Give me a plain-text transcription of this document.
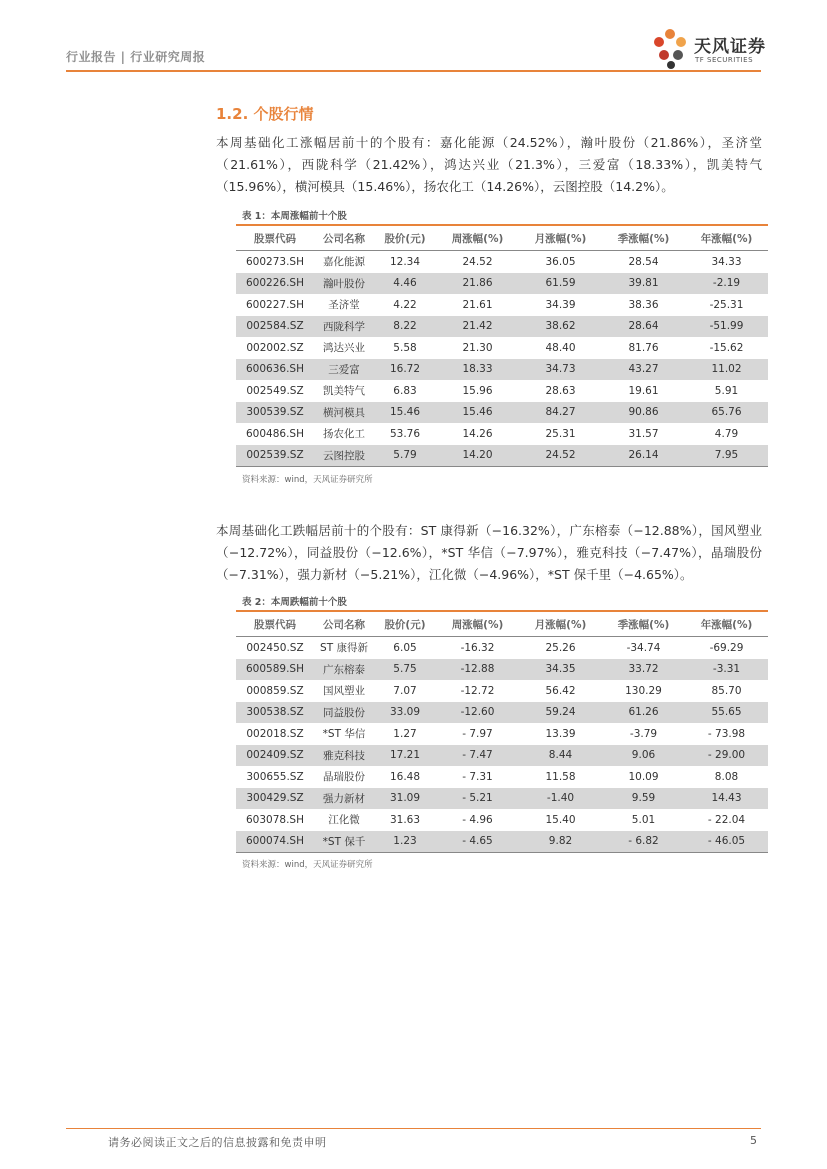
行业报告 | 行业研究周报	天风证券
TF SECURITIES
1.2. 个股行情
本周基础化工涨幅居前十的个股有：嘉化能源（24.52%），瀚叶股份（21.86%），圣济堂（21.61%），西陇科学（21.42%），鸿达兴业（21.3%），三爱富（18.33%），凯美特气（15.96%），横河模具（15.46%），扬农化工（14.26%），云图控股（14.2%）。
表 1：本周涨幅前十个股
股票代码	公司名称	股价(元)	周涨幅(%)	月涨幅(%)	季涨幅(%)	年涨幅(%)
600273.SH	嘉化能源	12.34	24.52	36.05	28.54	34.33
600226.SH	瀚叶股份	4.46	21.86	61.59	39.81	-2.19
600227.SH	圣济堂	4.22	21.61	34.39	38.36	-25.31
002584.SZ	西陇科学	8.22	21.42	38.62	28.64	-51.99
002002.SZ	鸿达兴业	5.58	21.30	48.40	81.76	-15.62
600636.SH	三爱富	16.72	18.33	34.73	43.27	11.02
002549.SZ	凯美特气	6.83	15.96	28.63	19.61	5.91
300539.SZ	横河模具	15.46	15.46	84.27	90.86	65.76
600486.SH	扬农化工	53.76	14.26	25.31	31.57	4.79
002539.SZ	云图控股	5.79	14.20	24.52	26.14	7.95
资料来源：wind，天风证券研究所
本周基础化工跌幅居前十的个股有：ST 康得新（−16.32%），广东榕泰（−12.88%），国风塑业（−12.72%），同益股份（−12.6%），*ST 华信（−7.97%），雅克科技（−7.47%），晶瑞股份（−7.31%），强力新材（−5.21%），江化微（−4.96%），*ST 保千里（−4.65%）。
表 2：本周跌幅前十个股
股票代码	公司名称	股价(元)	周涨幅(%)	月涨幅(%)	季涨幅(%)	年涨幅(%)
002450.SZ	ST 康得新	6.05	-16.32	25.26	-34.74	-69.29
600589.SH	广东榕泰	5.75	-12.88	34.35	33.72	-3.31
000859.SZ	国风塑业	7.07	-12.72	56.42	130.29	85.70
300538.SZ	同益股份	33.09	-12.60	59.24	61.26	55.65
002018.SZ	*ST 华信	1.27	- 7.97	13.39	-3.79	- 73.98
002409.SZ	雅克科技	17.21	- 7.47	8.44	9.06	- 29.00
300655.SZ	晶瑞股份	16.48	- 7.31	11.58	10.09	8.08
300429.SZ	强力新材	31.09	- 5.21	-1.40	9.59	14.43
603078.SH	江化微	31.63	- 4.96	15.40	5.01	- 22.04
600074.SH	*ST 保千	1.23	- 4.65	9.82	- 6.82	- 46.05
资料来源：wind，天风证券研究所
请务必阅读正文之后的信息披露和免责申明	5
